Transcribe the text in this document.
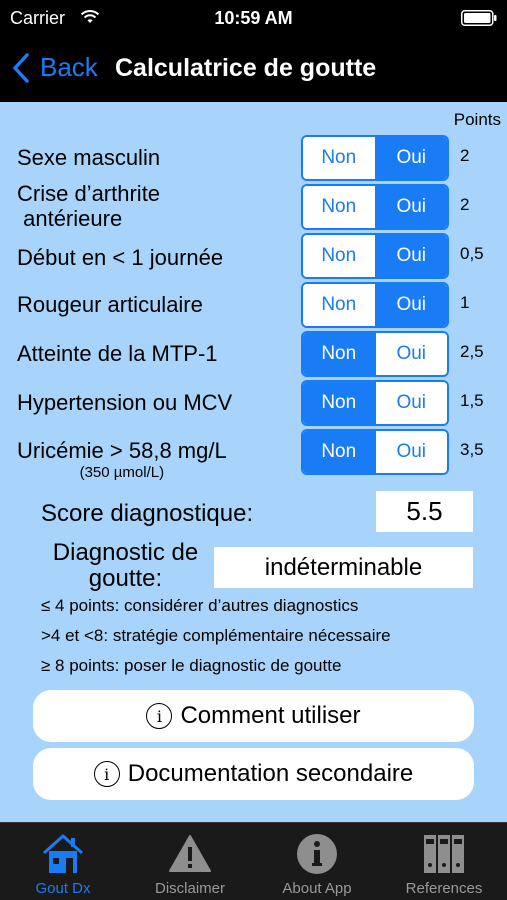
Carrier	10:59 AM
Back Calculatrice de goutte
Points
Sexe masculin	Non	Oui	2
Crise d’arthrite
antérieure	Non	Oui	2
Début en < 1 journée	Non	Oui	0,5
Rougeur articulaire	Non	Oui	1
Atteinte de la MTP-1	Non	Oui	2,5
Hypertension ou MCV	Non	Oui	1,5
Uricémie > 58,8 mg/L
(350 µmol/L)
Non	Oui	3,5
Score diagnostique:	5.5
Diagnostic de goutte:	indéterminable
≤ 4 points: considérer d’autres diagnostics
>4 et <8: stratégie complémentaire nécessaire
≥ 8 points: poser le diagnostic de goutte
i Comment utiliser
i Documentation secondaire
Gout Dx	Disclaimer	About App	References
